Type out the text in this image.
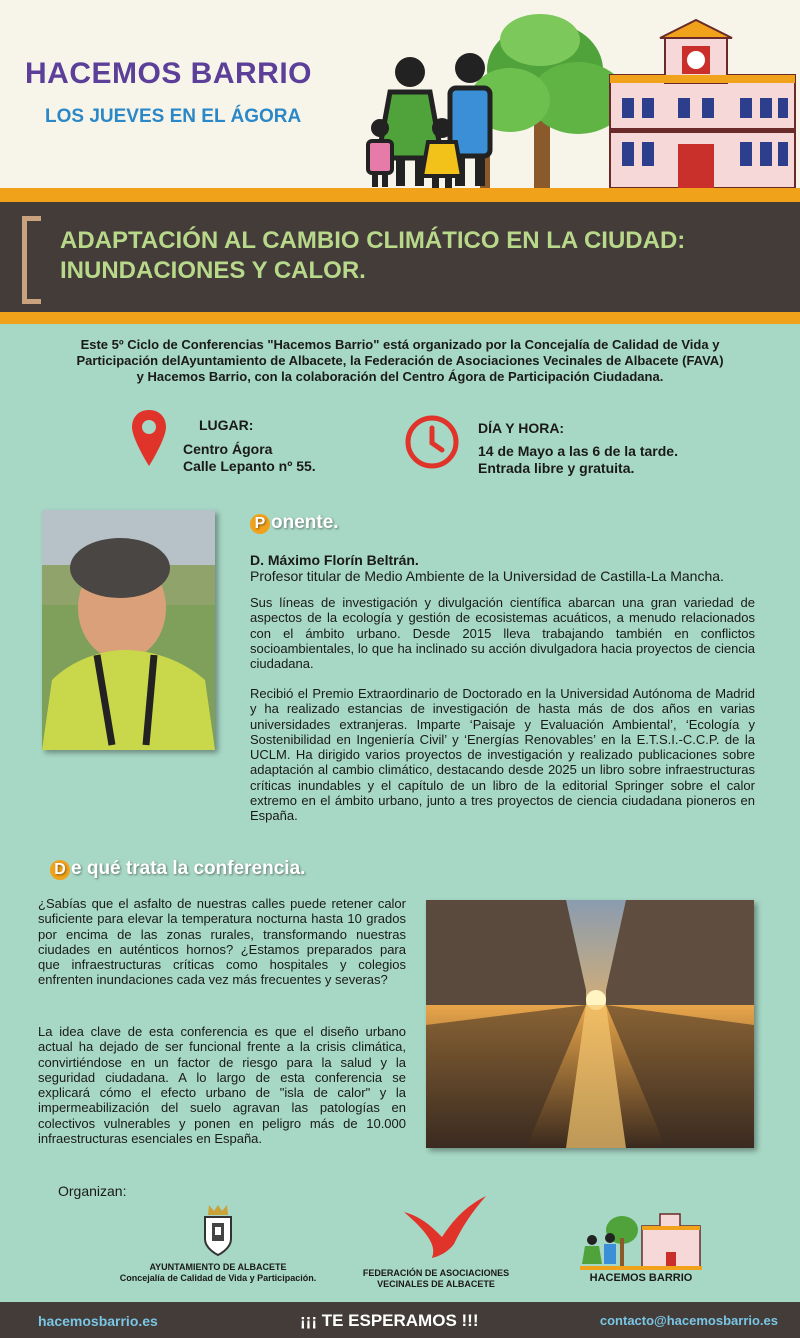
HACEMOS BARRIO
LOS JUEVES EN EL ÁGORA
ADAPTACIÓN AL CAMBIO CLIMÁTICO EN LA CIUDAD:
INUNDACIONES Y CALOR.
Este 5º Ciclo de Conferencias "Hacemos Barrio" está organizado por la Concejalía de Calidad de Vida y
Participación delAyuntamiento de Albacete, la Federación de Asociaciones Vecinales de Albacete (FAVA)
y Hacemos Barrio, con la colaboración del Centro Ágora de Participación Ciudadana.
LUGAR:
Centro Ágora
Calle Lepanto nº 55.
DÍA Y HORA:
14 de Mayo a las 6 de la tarde.
Entrada libre y gratuita.
P onente.
D. Máximo Florín Beltrán.
Profesor titular de Medio Ambiente de la Universidad de Castilla-La Mancha.
Sus líneas de investigación y divulgación científica abarcan una gran variedad de aspectos de la ecología y gestión de ecosistemas acuáticos, a menudo relacionados con el ámbito urbano. Desde 2015 lleva trabajando también en conflictos socioambientales, lo que ha inclinado su acción divulgadora hacia proyectos de ciencia ciudadana.
Recibió el Premio Extraordinario de Doctorado en la Universidad Autónoma de Madrid y ha realizado estancias de investigación de hasta más de dos años en varias universidades extranjeras. Imparte ‘Paisaje y Evaluación Ambiental’, ‘Ecología y Sostenibilidad en Ingeniería Civil’ y ‘Energías Renovables’ en la E.T.S.I.-C.C.P. de la UCLM. Ha dirigido varios proyectos de investigación y realizado publicaciones sobre adaptación al cambio climático, destacando desde 2025 un libro sobre infraestructuras críticas inundables y el capítulo de un libro de la editorial Springer sobre el calor extremo en el ámbito urbano, junto a tres proyectos de ciencia ciudadana pioneros en España.
D e qué trata la conferencia.
¿Sabías que el asfalto de nuestras calles puede retener calor suficiente para elevar la temperatura nocturna hasta 10 grados por encima de las zonas rurales, transformando nuestras ciudades en auténticos hornos? ¿Estamos preparados para que infraestructuras críticas como hospitales y colegios enfrenten inundaciones cada vez más frecuentes y severas?
La idea clave de esta conferencia es que el diseño urbano actual ha dejado de ser funcional frente a la crisis climática, convirtiéndose en un factor de riesgo para la salud y la seguridad ciudadana. A lo largo de esta conferencia se explicará cómo el efecto urbano de "isla de calor" y la impermeabilización del suelo agravan las patologías en colectivos vulnerables y ponen en peligro más de 10.000 infraestructuras esenciales en España.
Organizan:
AYUNTAMIENTO DE ALBACETE
Concejalía de Calidad de Vida y Participación.	FEDERACIÓN DE ASOCIACIONES
VECINALES DE ALBACETE	HACEMOS BARRIO
hacemosbarrio.es	¡¡¡ TE ESPERAMOS !!!	contacto@hacemosbarrio.es
